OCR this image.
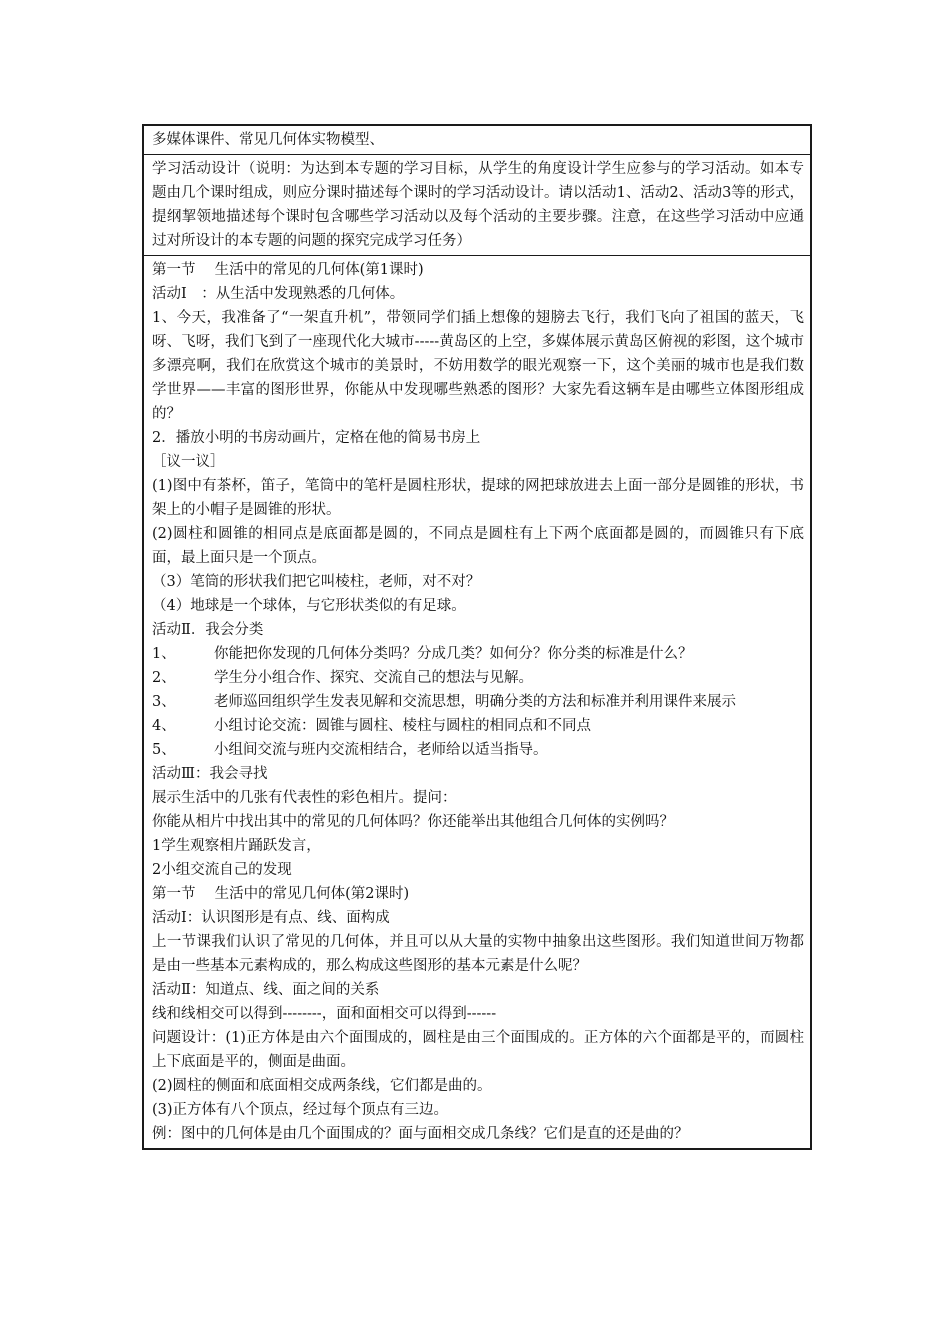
多媒体课件、常见几何体实物模型、
学习活动设计（说明：为达到本专题的学习目标，从学生的角度设计学生应参与的学习活动。如本专题由几个课时组成，则应分课时描述每个课时的学习活动设计。请以活动1、活动2、活动3等的形式，提纲挈领地描述每个课时包含哪些学习活动以及每个活动的主要步骤。注意，在这些学习活动中应通过对所设计的本专题的问题的探究完成学习任务）
第一节　 生活中的常见的几何体(第1课时)
活动Ⅰ　：从生活中发现熟悉的几何体。
1、今天，我准备了“一架直升机”，带领同学们插上想像的翅膀去飞行，我们飞向了祖国的蓝天，飞呀、飞呀，我们飞到了一座现代化大城市-----黄岛区的上空，多媒体展示黄岛区俯视的彩图，这个城市多漂亮啊，我们在欣赏这个城市的美景时，不妨用数学的眼光观察一下，这个美丽的城市也是我们数学世界——丰富的图形世界，你能从中发现哪些熟悉的图形？大家先看这辆车是由哪些立体图形组成的？
2．播放小明的书房动画片，定格在他的简易书房上
［议一议］
(1)图中有茶杯，笛子，笔筒中的笔杆是圆柱形状，提球的网把球放进去上面一部分是圆锥的形状，书架上的小帽子是圆锥的形状。
(2)圆柱和圆锥的相同点是底面都是圆的，不同点是圆柱有上下两个底面都是圆的，而圆锥只有下底面，最上面只是一个顶点。
（3）笔筒的形状我们把它叫棱柱，老师，对不对？
（4）地球是一个球体，与它形状类似的有足球。
活动Ⅱ．我会分类
1、	你能把你发现的几何体分类吗？分成几类？如何分？你分类的标准是什么？
2、	学生分小组合作、探究、交流自己的想法与见解。
3、	老师巡回组织学生发表见解和交流思想，明确分类的方法和标准并利用课件来展示
4、	小组讨论交流：圆锥与圆柱、棱柱与圆柱的相同点和不同点
5、	小组间交流与班内交流相结合，老师给以适当指导。
活动Ⅲ：我会寻找
展示生活中的几张有代表性的彩色相片。提问：
你能从相片中找出其中的常见的几何体吗？你还能举出其他组合几何体的实例吗？
1学生观察相片踊跃发言，
2小组交流自己的发现
第一节　 生活中的常见几何体(第2课时)
活动Ⅰ：认识图形是有点、线、面构成
上一节课我们认识了常见的几何体，并且可以从大量的实物中抽象出这些图形。我们知道世间万物都是由一些基本元素构成的，那么构成这些图形的基本元素是什么呢？
活动Ⅱ：知道点、线、面之间的关系
线和线相交可以得到--------，面和面相交可以得到------
问题设计：(1)正方体是由六个面围成的，圆柱是由三个面围成的。正方体的六个面都是平的，而圆柱上下底面是平的，侧面是曲面。
(2)圆柱的侧面和底面相交成两条线，它们都是曲的。
(3)正方体有八个顶点，经过每个顶点有三边。
例：图中的几何体是由几个面围成的？面与面相交成几条线？它们是直的还是曲的？
